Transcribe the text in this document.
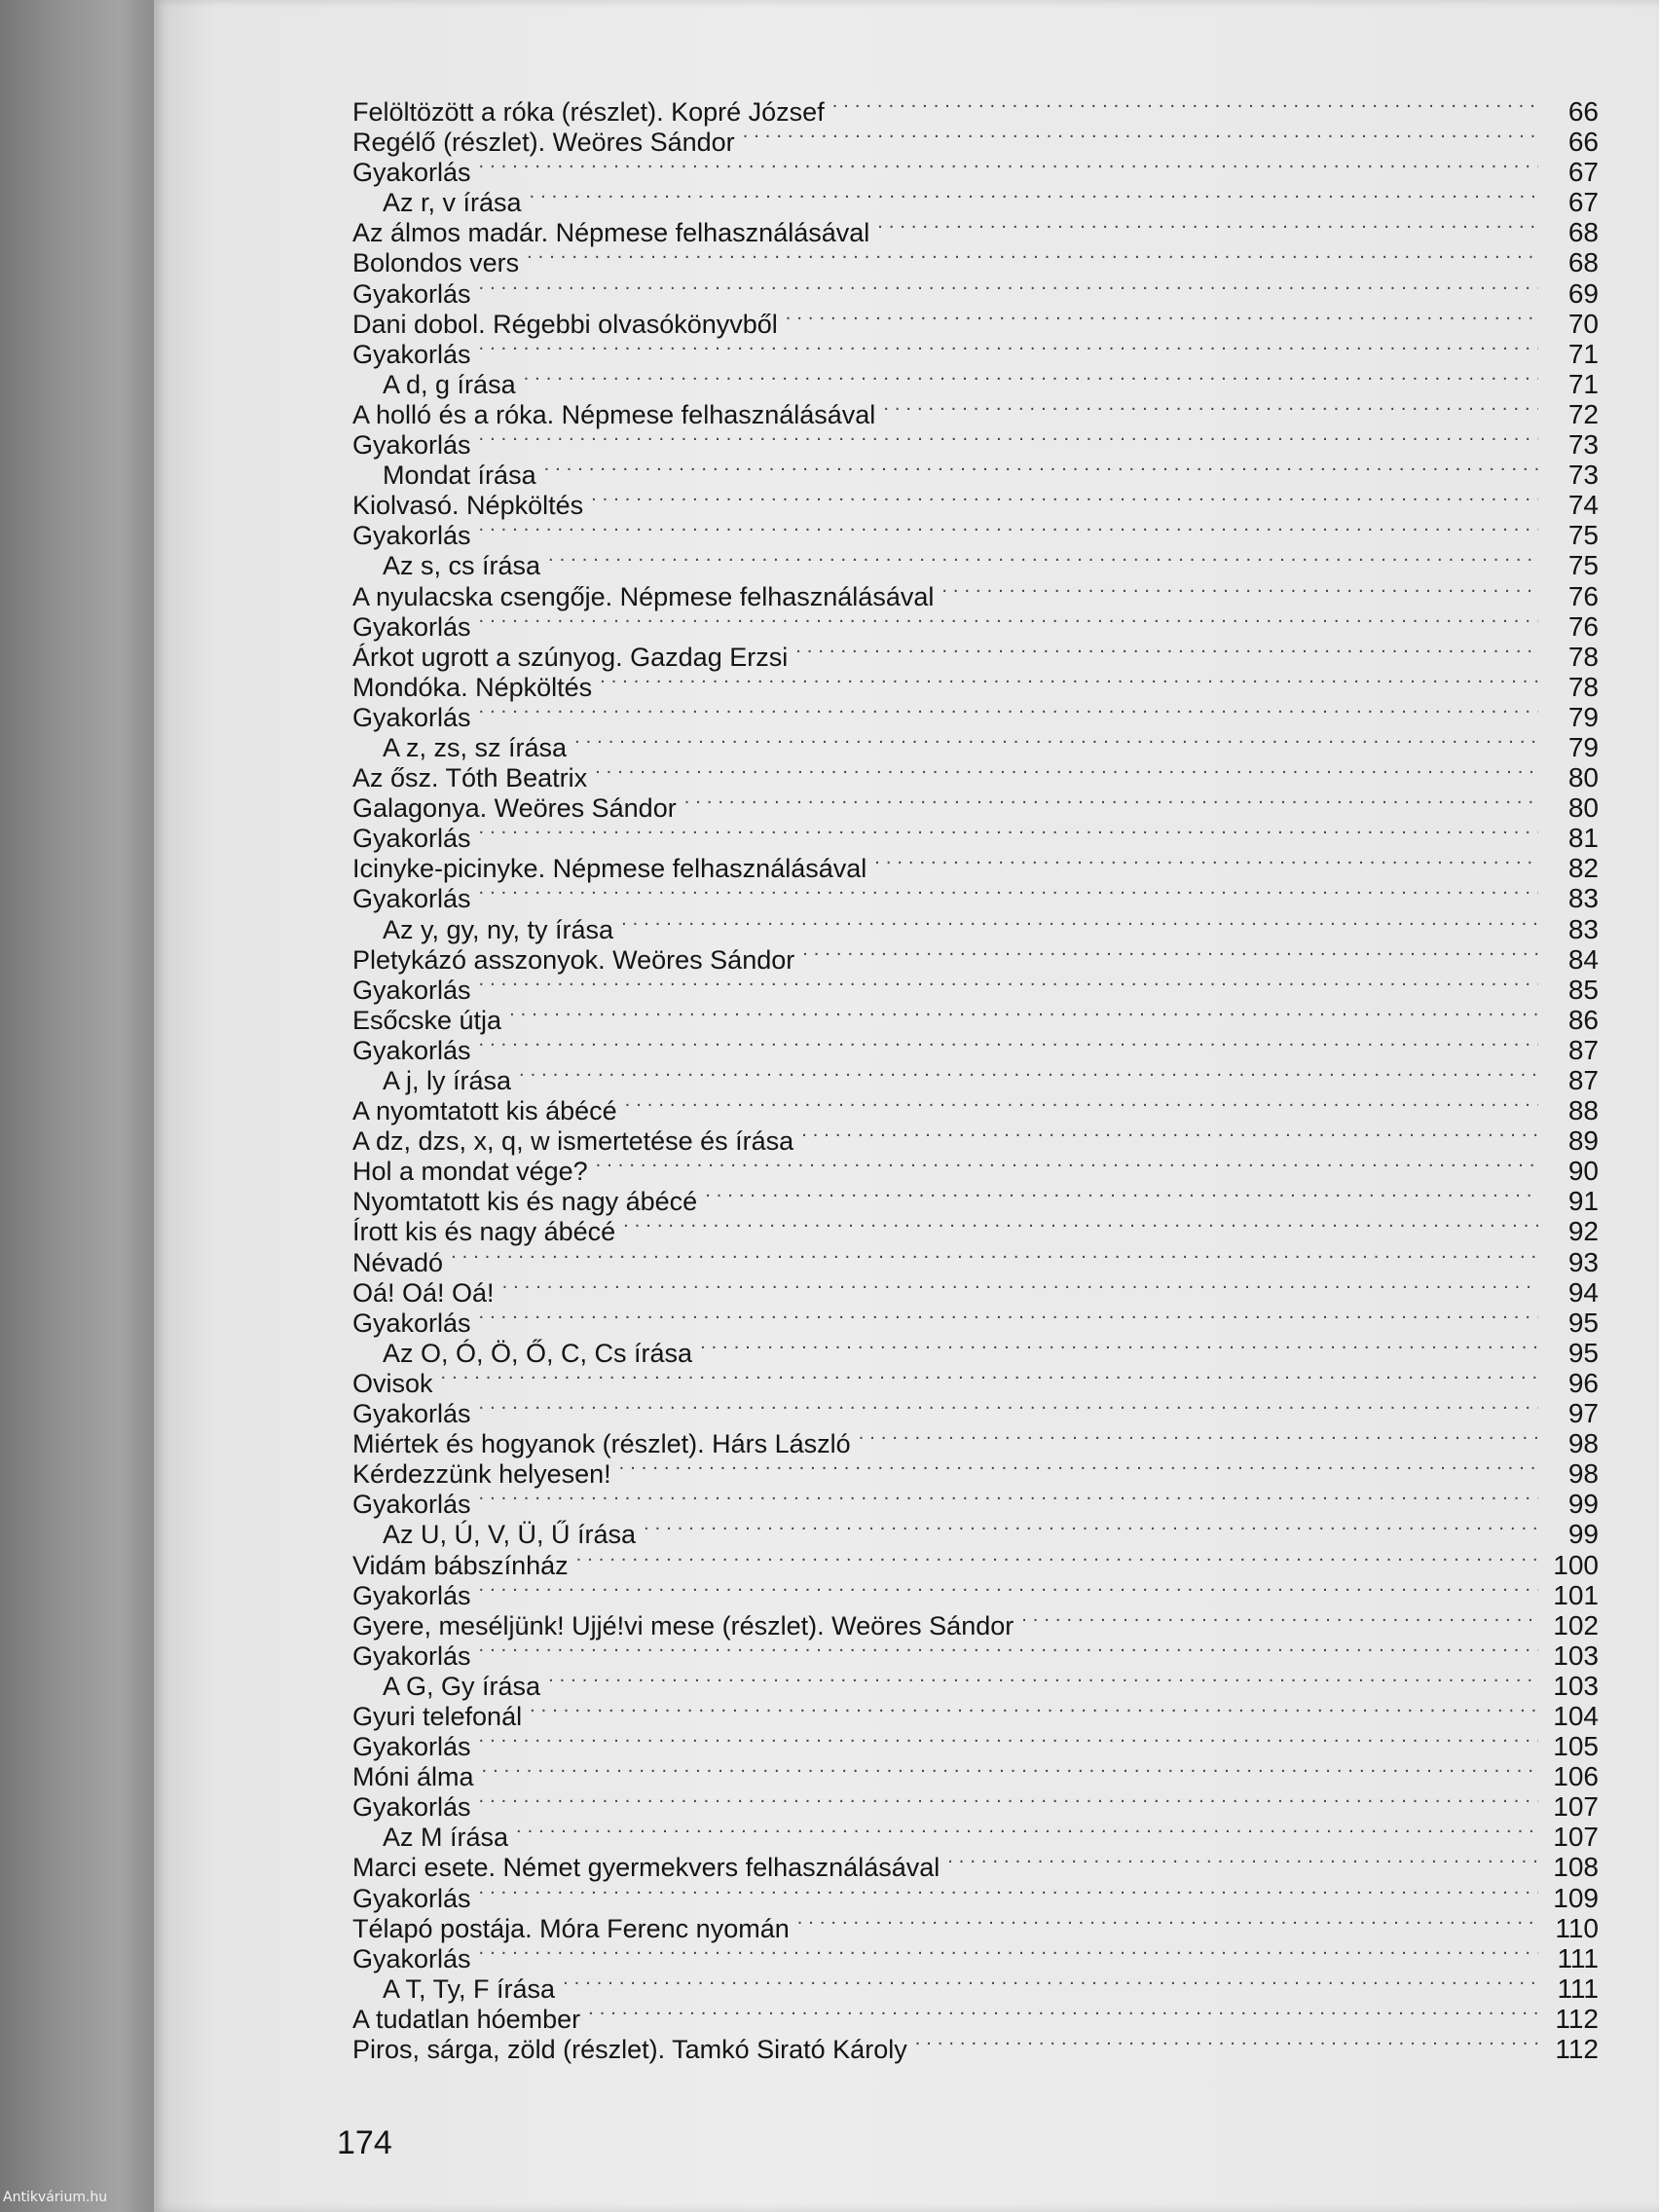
Felöltözött a róka (részlet). Kopré József .....	66
Regélő (részlet). Weöres Sándor .....	66
Gyakorlás .....	67
Az r, v írása .....	67
Az álmos madár. Népmese felhasználásával .....	68
Bolondos vers .....	68
Gyakorlás .....	69
Dani dobol. Régebbi olvasókönyvből .....	70
Gyakorlás .....	71
A d, g írása .....	71
A holló és a róka. Népmese felhasználásával .....	72
Gyakorlás .....	73
Mondat írása .....	73
Kiolvasó. Népköltés .....	74
Gyakorlás .....	75
Az s, cs írása .....	75
A nyulacska csengője. Népmese felhasználásával .....	76
Gyakorlás .....	76
Árkot ugrott a szúnyog. Gazdag Erzsi .....	78
Mondóka. Népköltés .....	78
Gyakorlás .....	79
A z, zs, sz írása .....	79
Az ősz. Tóth Beatrix .....	80
Galagonya. Weöres Sándor .....	80
Gyakorlás .....	81
Icinyke-picinyke. Népmese felhasználásával .....	82
Gyakorlás .....	83
Az y, gy, ny, ty írása .....	83
Pletykázó asszonyok. Weöres Sándor .....	84
Gyakorlás .....	85
Esőcske útja .....	86
Gyakorlás .....	87
A j, ly írása .....	87
A nyomtatott kis ábécé .....	88
A dz, dzs, x, q, w ismertetése és írása .....	89
Hol a mondat vége? .....	90
Nyomtatott kis és nagy ábécé .....	91
Írott kis és nagy ábécé .....	92
Névadó .....	93
Oá! Oá! Oá! .....	94
Gyakorlás .....	95
Az O, Ó, Ö, Ő, C, Cs írása .....	95
Ovisok .....	96
Gyakorlás .....	97
Miértek és hogyanok (részlet). Hárs László .....	98
Kérdezzünk helyesen! .....	98
Gyakorlás .....	99
Az U, Ú, V, Ü, Ű írása .....	99
Vidám bábszínház .....	100
Gyakorlás .....	101
Gyere, meséljünk! Ujjé!vi mese (részlet). Weöres Sándor .....	102
Gyakorlás .....	103
A G, Gy írása .....	103
Gyuri telefonál .....	104
Gyakorlás .....	105
Móni álma .....	106
Gyakorlás .....	107
Az M írása .....	107
Marci esete. Német gyermekvers felhasználásával .....	108
Gyakorlás .....	109
Télapó postája. Móra Ferenc nyomán .....	110
Gyakorlás .....	111
A T, Ty, F írása .....	111
A tudatlan hóember .....	112
Piros, sárga, zöld (részlet). Tamkó Sirató Károly .....	112
174
Antikvárium.hu
